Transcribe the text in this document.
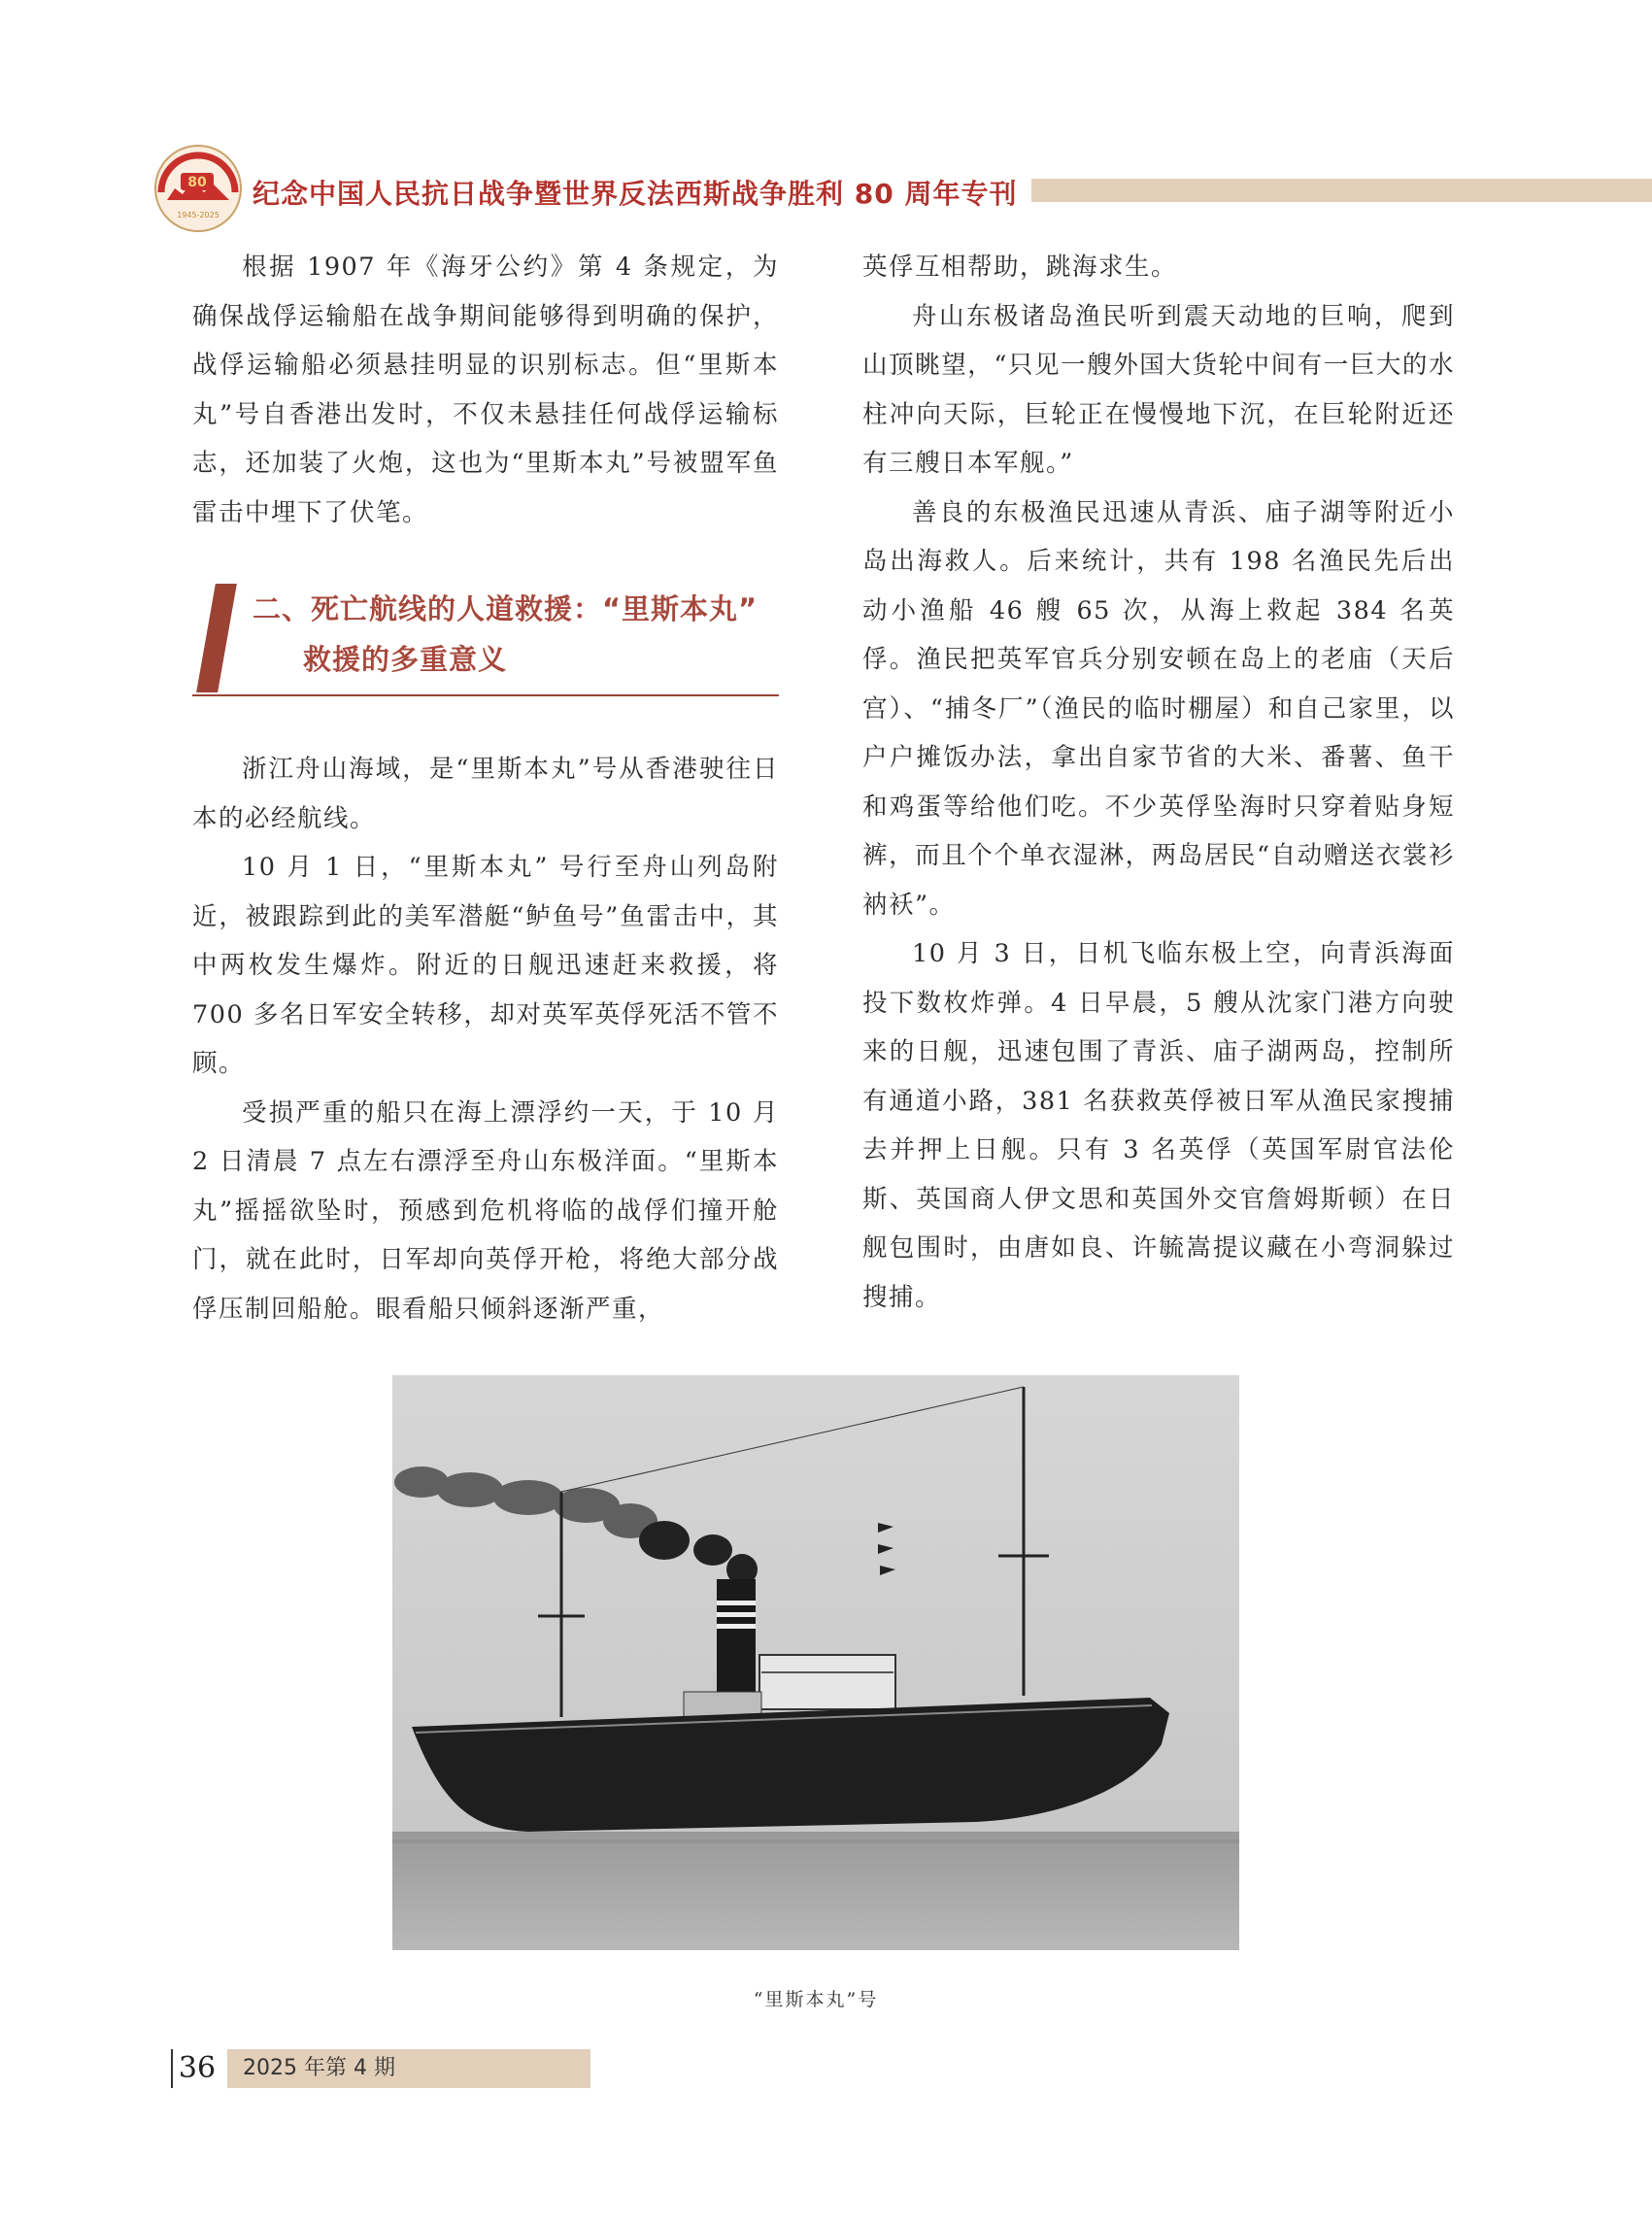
80
1945-2025
纪念中国人民抗日战争暨世界反法西斯战争胜利 80 周年专刊

根据 1907 年《海牙公约》第 4 条规定，为确保战俘运输船在战争期间能够得到明确的保护，战俘运输船必须悬挂明显的识别标志。但“里斯本丸”号自香港出发时，不仅未悬挂任何战俘运输标志，还加装了火炮，这也为“里斯本丸”号被盟军鱼雷击中埋下了伏笔。

二、死亡航线的人道救援：“里斯本丸”
救援的多重意义

浙江舟山海域，是“里斯本丸”号从香港驶往日本的必经航线。

10 月 1 日，“里斯本丸” 号行至舟山列岛附近，被跟踪到此的美军潜艇“鲈鱼号”鱼雷击中，其中两枚发生爆炸。附近的日舰迅速赶来救援，将 700 多名日军安全转移，却对英军英俘死活不管不顾。

受损严重的船只在海上漂浮约一天，于 10 月 2 日清晨 7 点左右漂浮至舟山东极洋面。“里斯本丸”摇摇欲坠时，预感到危机将临的战俘们撞开舱门，就在此时，日军却向英俘开枪，将绝大部分战俘压制回船舱。眼看船只倾斜逐渐严重，

英俘互相帮助，跳海求生。

舟山东极诸岛渔民听到震天动地的巨响，爬到山顶眺望，“只见一艘外国大货轮中间有一巨大的水柱冲向天际，巨轮正在慢慢地下沉，在巨轮附近还有三艘日本军舰。”

善良的东极渔民迅速从青浜、庙子湖等附近小岛出海救人。后来统计，共有 198 名渔民先后出动小渔船 46 艘 65 次，从海上救起 384 名英俘。渔民把英军官兵分别安顿在岛上的老庙（天后宫）、“捕冬厂”（渔民的临时棚屋）和自己家里，以户户摊饭办法，拿出自家节省的大米、番薯、鱼干和鸡蛋等给他们吃。不少英俘坠海时只穿着贴身短裤，而且个个单衣湿淋，两岛居民“自动赠送衣裳衫衲袄”。

10 月 3 日，日机飞临东极上空，向青浜海面投下数枚炸弹。4 日早晨，5 艘从沈家门港方向驶来的日舰，迅速包围了青浜、庙子湖两岛，控制所有通道小路，381 名获救英俘被日军从渔民家搜捕去并押上日舰。只有 3 名英俘（英国军尉官法伦斯、英国商人伊文思和英国外交官詹姆斯顿）在日舰包围时，由唐如良、许毓嵩提议藏在小弯洞躲过搜捕。

“里斯本丸”号
36	2025 年第 4 期
